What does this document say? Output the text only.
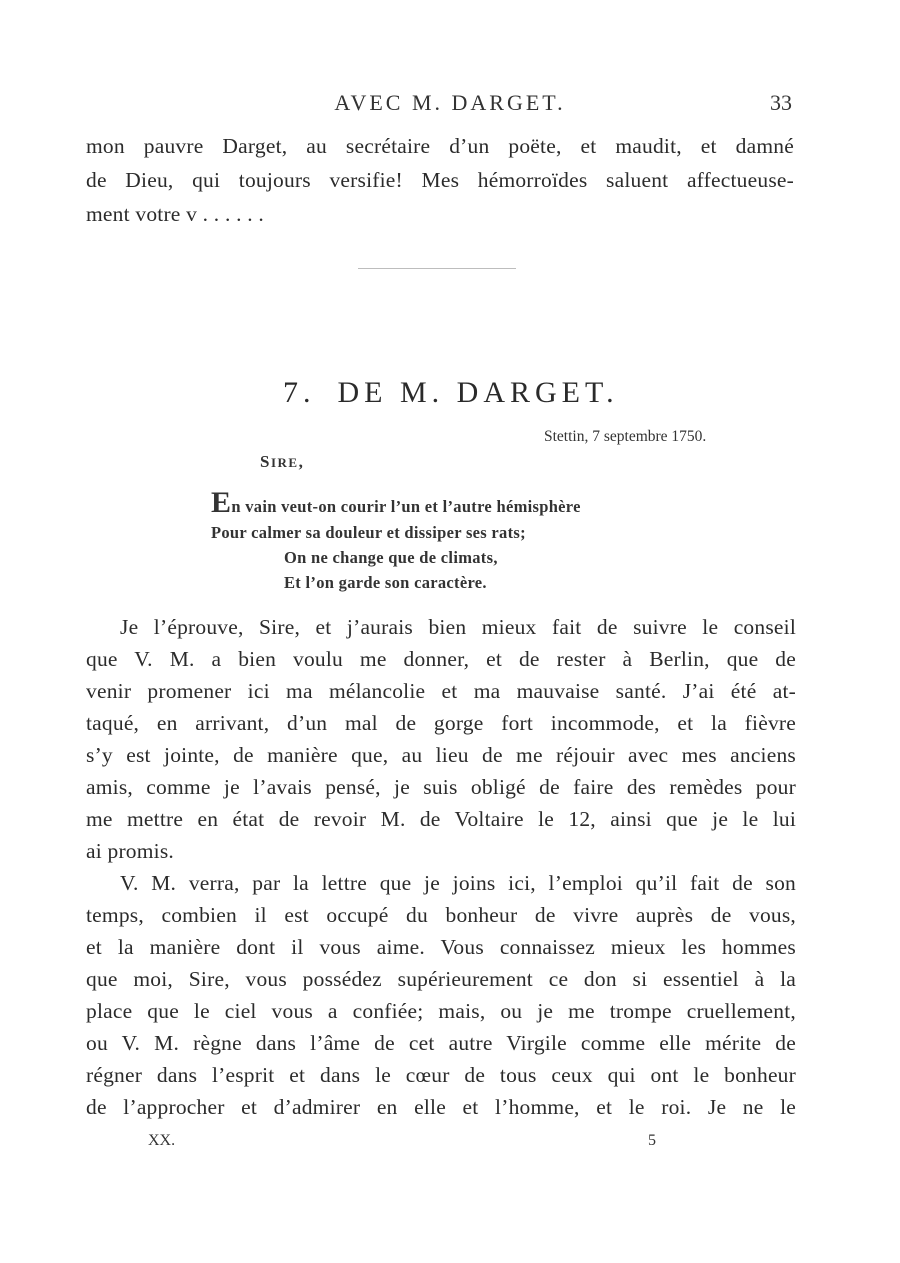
AVEC M. DARGET.	33
mon pauvre Darget, au secrétaire d’un poëte, et maudit, et damné
de Dieu, qui toujours versifie! Mes hémorroïdes saluent affectueuse-
ment votre v . . . . . .
7. DE M. DARGET.
Stettin, 7 septembre 1750.
SIRE,
En vain veut-on courir l’un et l’autre hémisphère
Pour calmer sa douleur et dissiper ses rats;
On ne change que de climats,
Et l’on garde son caractère.
Je l’éprouve, Sire, et j’aurais bien mieux fait de suivre le conseil
que V. M. a bien voulu me donner, et de rester à Berlin, que de
venir promener ici ma mélancolie et ma mauvaise santé. J’ai été at-
taqué, en arrivant, d’un mal de gorge fort incommode, et la fièvre
s’y est jointe, de manière que, au lieu de me réjouir avec mes anciens
amis, comme je l’avais pensé, je suis obligé de faire des remèdes pour
me mettre en état de revoir M. de Voltaire le 12, ainsi que je le lui
ai promis.
V. M. verra, par la lettre que je joins ici, l’emploi qu’il fait de son
temps, combien il est occupé du bonheur de vivre auprès de vous,
et la manière dont il vous aime. Vous connaissez mieux les hommes
que moi, Sire, vous possédez supérieurement ce don si essentiel à la
place que le ciel vous a confiée; mais, ou je me trompe cruellement,
ou V. M. règne dans l’âme de cet autre Virgile comme elle mérite de
régner dans l’esprit et dans le cœur de tous ceux qui ont le bonheur
de l’approcher et d’admirer en elle et l’homme, et le roi. Je ne le
XX.	5
